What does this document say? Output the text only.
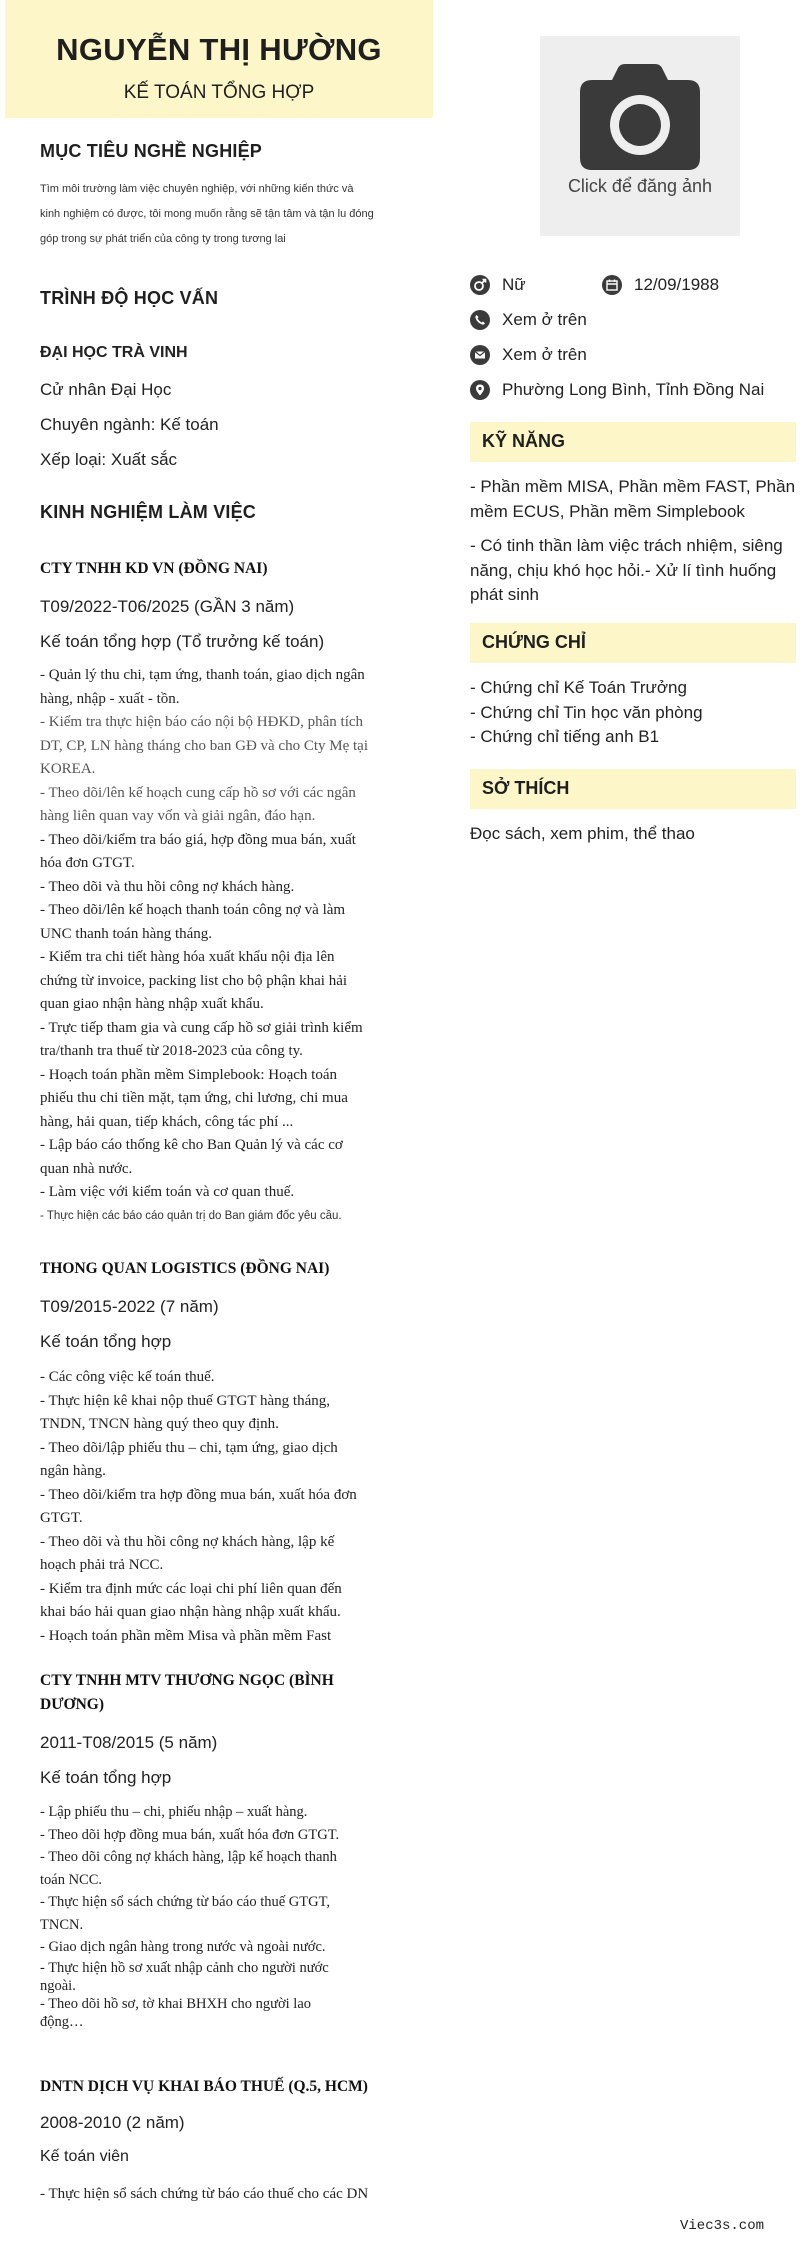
NGUYỄN THỊ HƯỜNG
KẾ TOÁN TỔNG HỢP
Click để đăng ảnh
MỤC TIÊU NGHỀ NGHIỆP
Tìm môi trường làm việc chuyên nghiệp, với những kiến thức và
kinh nghiệm có được, tôi mong muốn rằng sẽ tận tâm và tận lu đóng
góp trong sự phát triển của công ty trong tương lai
TRÌNH ĐỘ HỌC VẤN
ĐẠI HỌC TRÀ VINH
Cử nhân Đại Học
Chuyên ngành: Kế toán
Xếp loại: Xuất sắc
KINH NGHIỆM LÀM VIỆC
CTY TNHH KD VN (ĐỒNG NAI)
T09/2022-T06/2025 (GẦN 3 năm)
Kế toán tổng hợp (Tổ trưởng kế toán)
- Quản lý thu chi, tạm ứng, thanh toán, giao dịch ngân
hàng, nhập - xuất - tồn.
- Kiểm tra thực hiện báo cáo nội bộ HĐKD, phân tích
DT, CP, LN hàng tháng cho ban GĐ và cho Cty Mẹ tại
KOREA.
- Theo dõi/lên kế hoạch cung cấp hồ sơ với các ngân
hàng liên quan vay vốn và giải ngân, đáo hạn.
- Theo dõi/kiểm tra báo giá, hợp đồng mua bán, xuất
hóa đơn GTGT.
- Theo dõi và thu hồi công nợ khách hàng.
- Theo dõi/lên kế hoạch thanh toán công nợ và làm
UNC thanh toán hàng tháng.
- Kiểm tra chi tiết hàng hóa xuất khẩu nội địa lên
chứng từ invoice, packing list cho bộ phận khai hải
quan giao nhận hàng nhập xuất khẩu.
- Trực tiếp tham gia và cung cấp hồ sơ giải trình kiểm
tra/thanh tra thuế từ 2018-2023 của công ty.
- Hoạch toán phần mềm Simplebook: Hoạch toán
phiếu thu chi tiền mặt, tạm ứng, chi lương, chi mua
hàng, hải quan, tiếp khách, công tác phí ...
- Lập báo cáo thống kê cho Ban Quản lý và các cơ
quan nhà nước.
- Làm việc với kiểm toán và cơ quan thuế.
- Thực hiện các báo cáo quản trị do Ban giám đốc yêu cầu.
THONG QUAN LOGISTICS (ĐỒNG NAI)
T09/2015-2022 (7 năm)
Kế toán tổng hợp
- Các công việc kế toán thuế.
- Thực hiện kê khai nộp thuế GTGT hàng tháng,
TNDN, TNCN hàng quý theo quy định.
- Theo dõi/lập phiếu thu – chi, tạm ứng, giao dịch
ngân hàng.
- Theo dõi/kiểm tra hợp đồng mua bán, xuất hóa đơn
GTGT.
- Theo dõi và thu hồi công nợ khách hàng, lập kế
hoạch phải trả NCC.
- Kiểm tra định mức các loại chi phí liên quan đến
khai báo hải quan giao nhận hàng nhập xuất khẩu.
- Hoạch toán phần mềm Misa và phần mềm Fast
CTY TNHH MTV THƯƠNG NGỌC (BÌNH
DƯƠNG)
2011-T08/2015 (5 năm)
Kế toán tổng hợp
- Lập phiếu thu – chi, phiếu nhập – xuất hàng.
- Theo dõi hợp đồng mua bán, xuất hóa đơn GTGT.
- Theo dõi công nợ khách hàng, lập kế hoạch thanh
toán NCC.
- Thực hiện sổ sách chứng từ báo cáo thuế GTGT,
TNCN.
- Giao dịch ngân hàng trong nước và ngoài nước.
- Thực hiện hồ sơ xuất nhập cảnh cho người nước
ngoài.
- Theo dõi hồ sơ, tờ khai BHXH cho người lao
động…
DNTN DỊCH VỤ KHAI BÁO THUẾ (Q.5, HCM)
2008-2010 (2 năm)
Kế toán viên
- Thực hiện sổ sách chứng từ báo cáo thuế cho các DN
Nữ	12/09/1988
Xem ở trên
Xem ở trên
Phường Long Bình, Tỉnh Đồng Nai
KỸ NĂNG
- Phần mềm MISA, Phần mềm FAST, Phần
mềm ECUS, Phần mềm Simplebook
- Có tinh thần làm việc trách nhiệm, siêng
năng, chịu khó học hỏi.- Xử lí tình huống
phát sinh
CHỨNG CHỈ
- Chứng chỉ Kế Toán Trưởng
- Chứng chỉ Tin học văn phòng
- Chứng chỉ tiếng anh B1
SỞ THÍCH
Đọc sách, xem phim, thể thao
Viec3s.com
